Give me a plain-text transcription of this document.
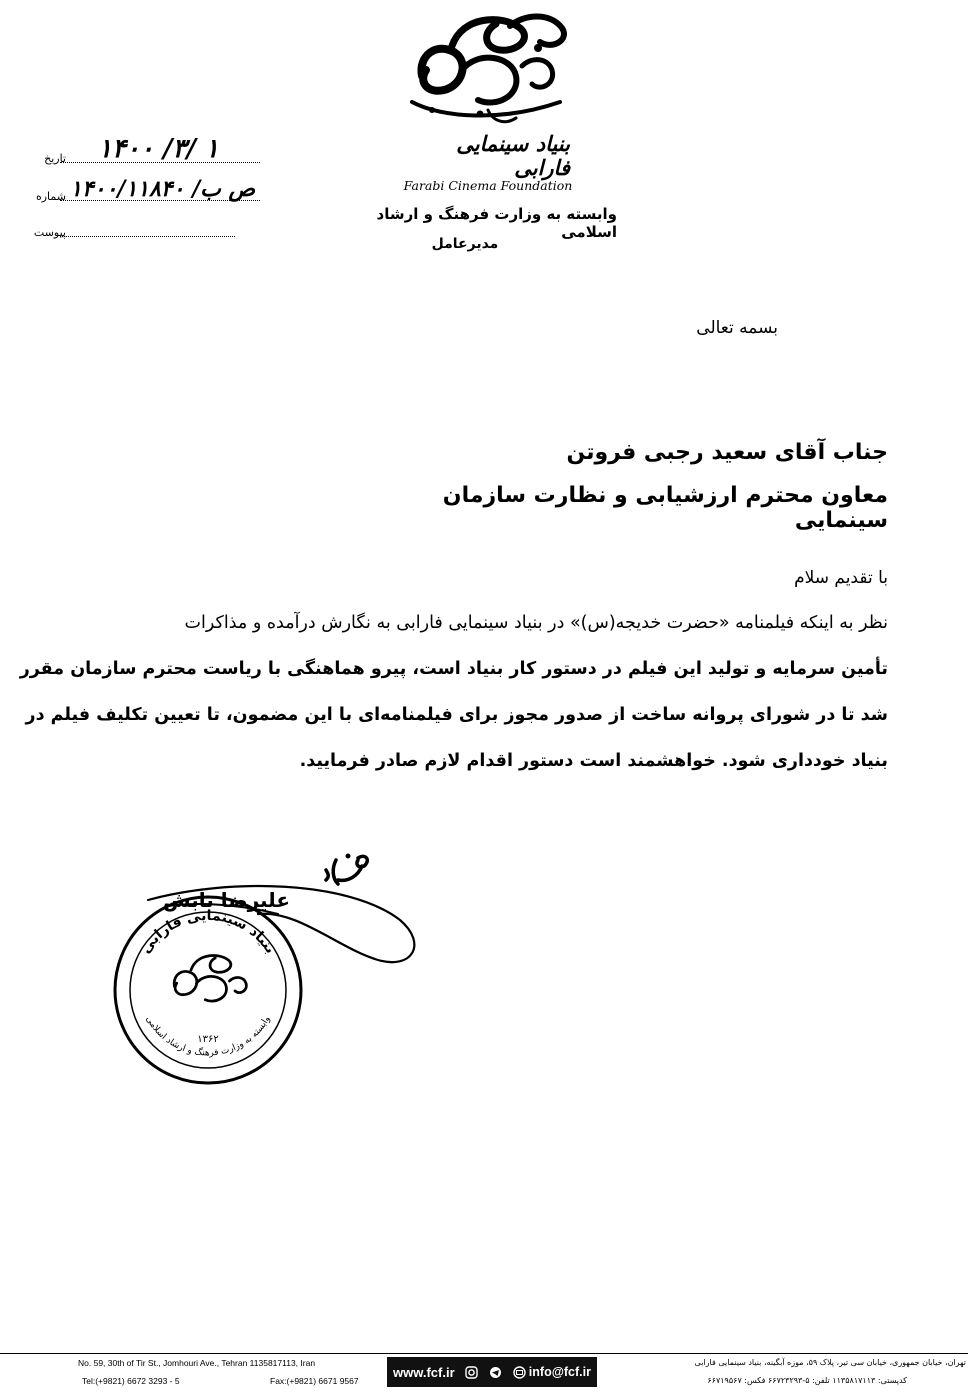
بنیاد سینمایی فارابی
Farabi Cinema Foundation
وابسته به وزارت فرهنگ و ارشاد اسلامی
مدیرعامل
تاریخ ۱۴۰۰ /۳/ ۱
شماره ۱۴۰۰/ص ب/ ۱۱۸۴۰
پیوست
بسمه تعالی
جناب آقای سعید رجبی فروتن
معاون محترم ارزشیابی و نظارت سازمان سینمایی
با تقدیم سلام
نظر به اینکه فیلمنامه «حضرت خدیجه(س)» در بنیاد سینمایی فارابی به نگارش درآمده و مذاکرات
تأمین سرمایه و تولید این فیلم در دستور کار بنیاد است، پیرو هماهنگی با ریاست محترم سازمان مقرر
شد تا در شورای پروانه ساخت از صدور مجوز برای فیلمنامه‌ای با این مضمون، تا تعیین تکلیف فیلم در
بنیاد خودداری شود. خواهشمند است دستور اقدام لازم صادر فرمایید.
بنیاد سینمایی فارابی
وابسته به وزارت فرهنگ و ارشاد اسلامی
۱۳۶۲
علیرضا تابش
No. 59, 30th of Tir St., Jomhouri Ave., Tehran 1135817113, Iran
Tel:(+9821) 6672 3293 - 5	Fax:(+9821) 6671 9567
www.fcf.ir	info@fcf.ir
تهران، خیابان جمهوری، خیابان سی تیر، پلاک ۵۹، موزه آبگینه، بنیاد سینمایی فارابی
کدپستی: ۱۱۳۵۸۱۷۱۱۳ تلفن: ۵-۶۶۷۲۳۲۹۳ فکس: ۶۶۷۱۹۵۶۷
